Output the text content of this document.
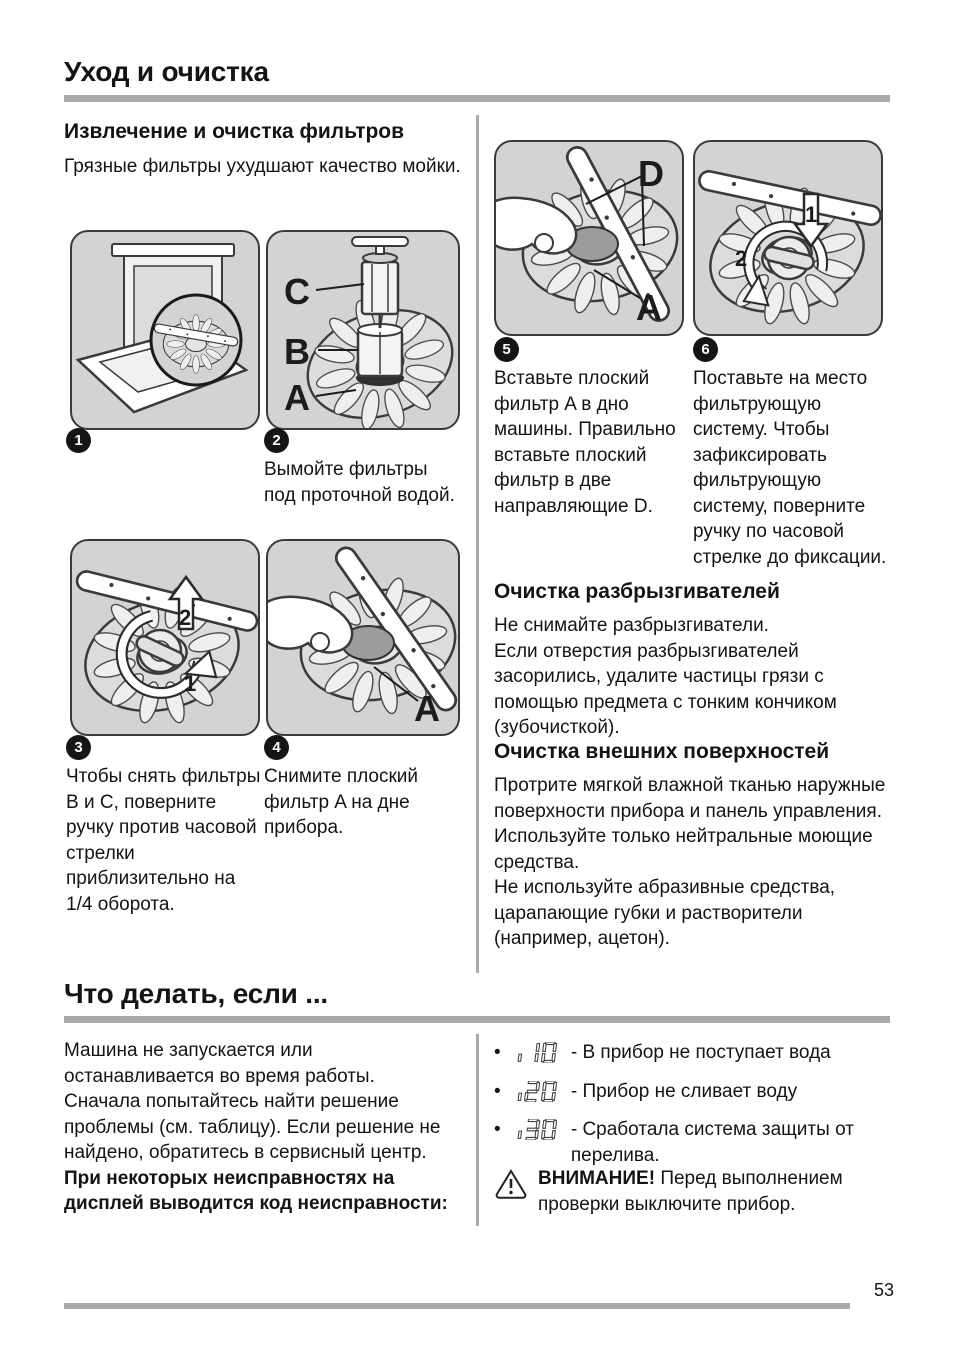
Уход и очистка
Извлечение и очистка фильтров

Грязные фильтры ухудшают качество мойки.

C
B
A
1	2
Вымойте фильтры под проточной водой.
2
1
A
3	4
Чтобы снять фильтры B и C, поверните ручку против часовой стрелки приблизительно на 1/4 оборота.
Снимите плоский фильтр A на дне прибора.
D
A
1
2
5	6
Вставьте плоский фильтр A в дно машины. Правильно вставьте плоский фильтр в две направляющие D.
Поставьте на место фильтрующую систему. Чтобы зафиксировать фильтрующую систему, поверните ручку по часовой стрелке до фиксации.
Очистка разбрызгивателей

Не снимайте разбрызгиватели.

Если отверстия разбрызгивателей засорились, удалите частицы грязи с помощью предмета с тонким кончиком (зубочисткой).

Очистка внешних поверхностей

Протрите мягкой влажной тканью наружные поверхности прибора и панель управления.

Используйте только нейтральные моющие средства.

Не используйте абразивные средства, царапающие губки и растворители (например, ацетон).

Что делать, если ...

Машина не запускается или останавливается во время работы.

Сначала попытайтесь найти решение проблемы (см. таблицу). Если решение не найдено, обратитесь в сервисный центр.

При некоторых неисправностях на дисплей выводится код неисправности:

•	- В прибор не поступает вода
•	- Прибор не сливает воду
•	- Сработала система защиты от перелива.
ВНИМАНИЕ! Перед выполнением проверки выключите прибор.
53
